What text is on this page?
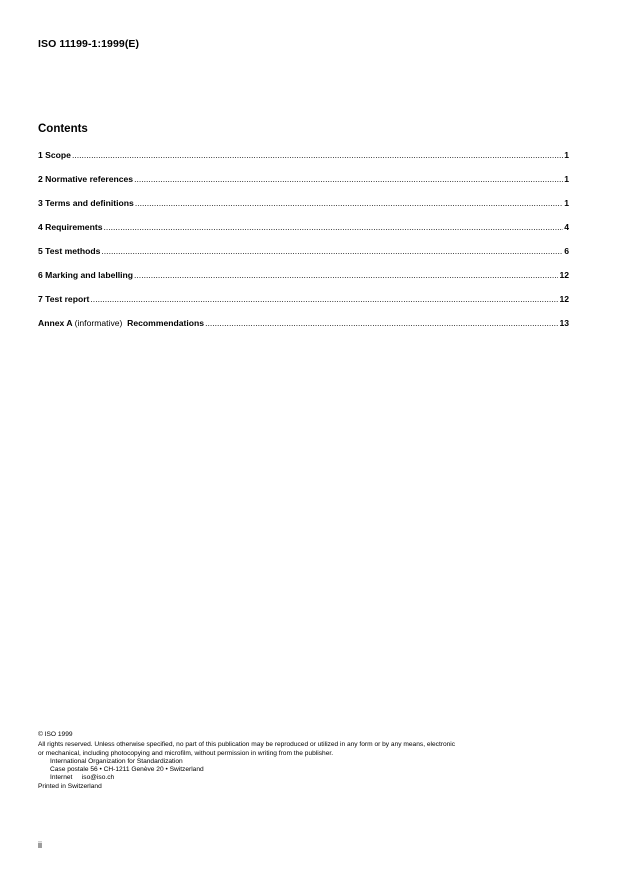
ISO 11199-1:1999(E)
Contents
1 Scope .....	1
2 Normative references .....	1
3 Terms and definitions .....	1
4 Requirements .....	4
5 Test methods .....	6
6 Marking and labelling .....	12
7 Test report .....	12
Annex A (informative) Recommendations .....	13
© ISO 1999
All rights reserved. Unless otherwise specified, no part of this publication may be reproduced or utilized in any form or by any means, electronic
or mechanical, including photocopying and microfilm, without permission in writing from the publisher.
International Organization for Standardization
Case postale 56 • CH-1211 Genève 20 • Switzerland
Internet iso@iso.ch
Printed in Switzerland
ii
